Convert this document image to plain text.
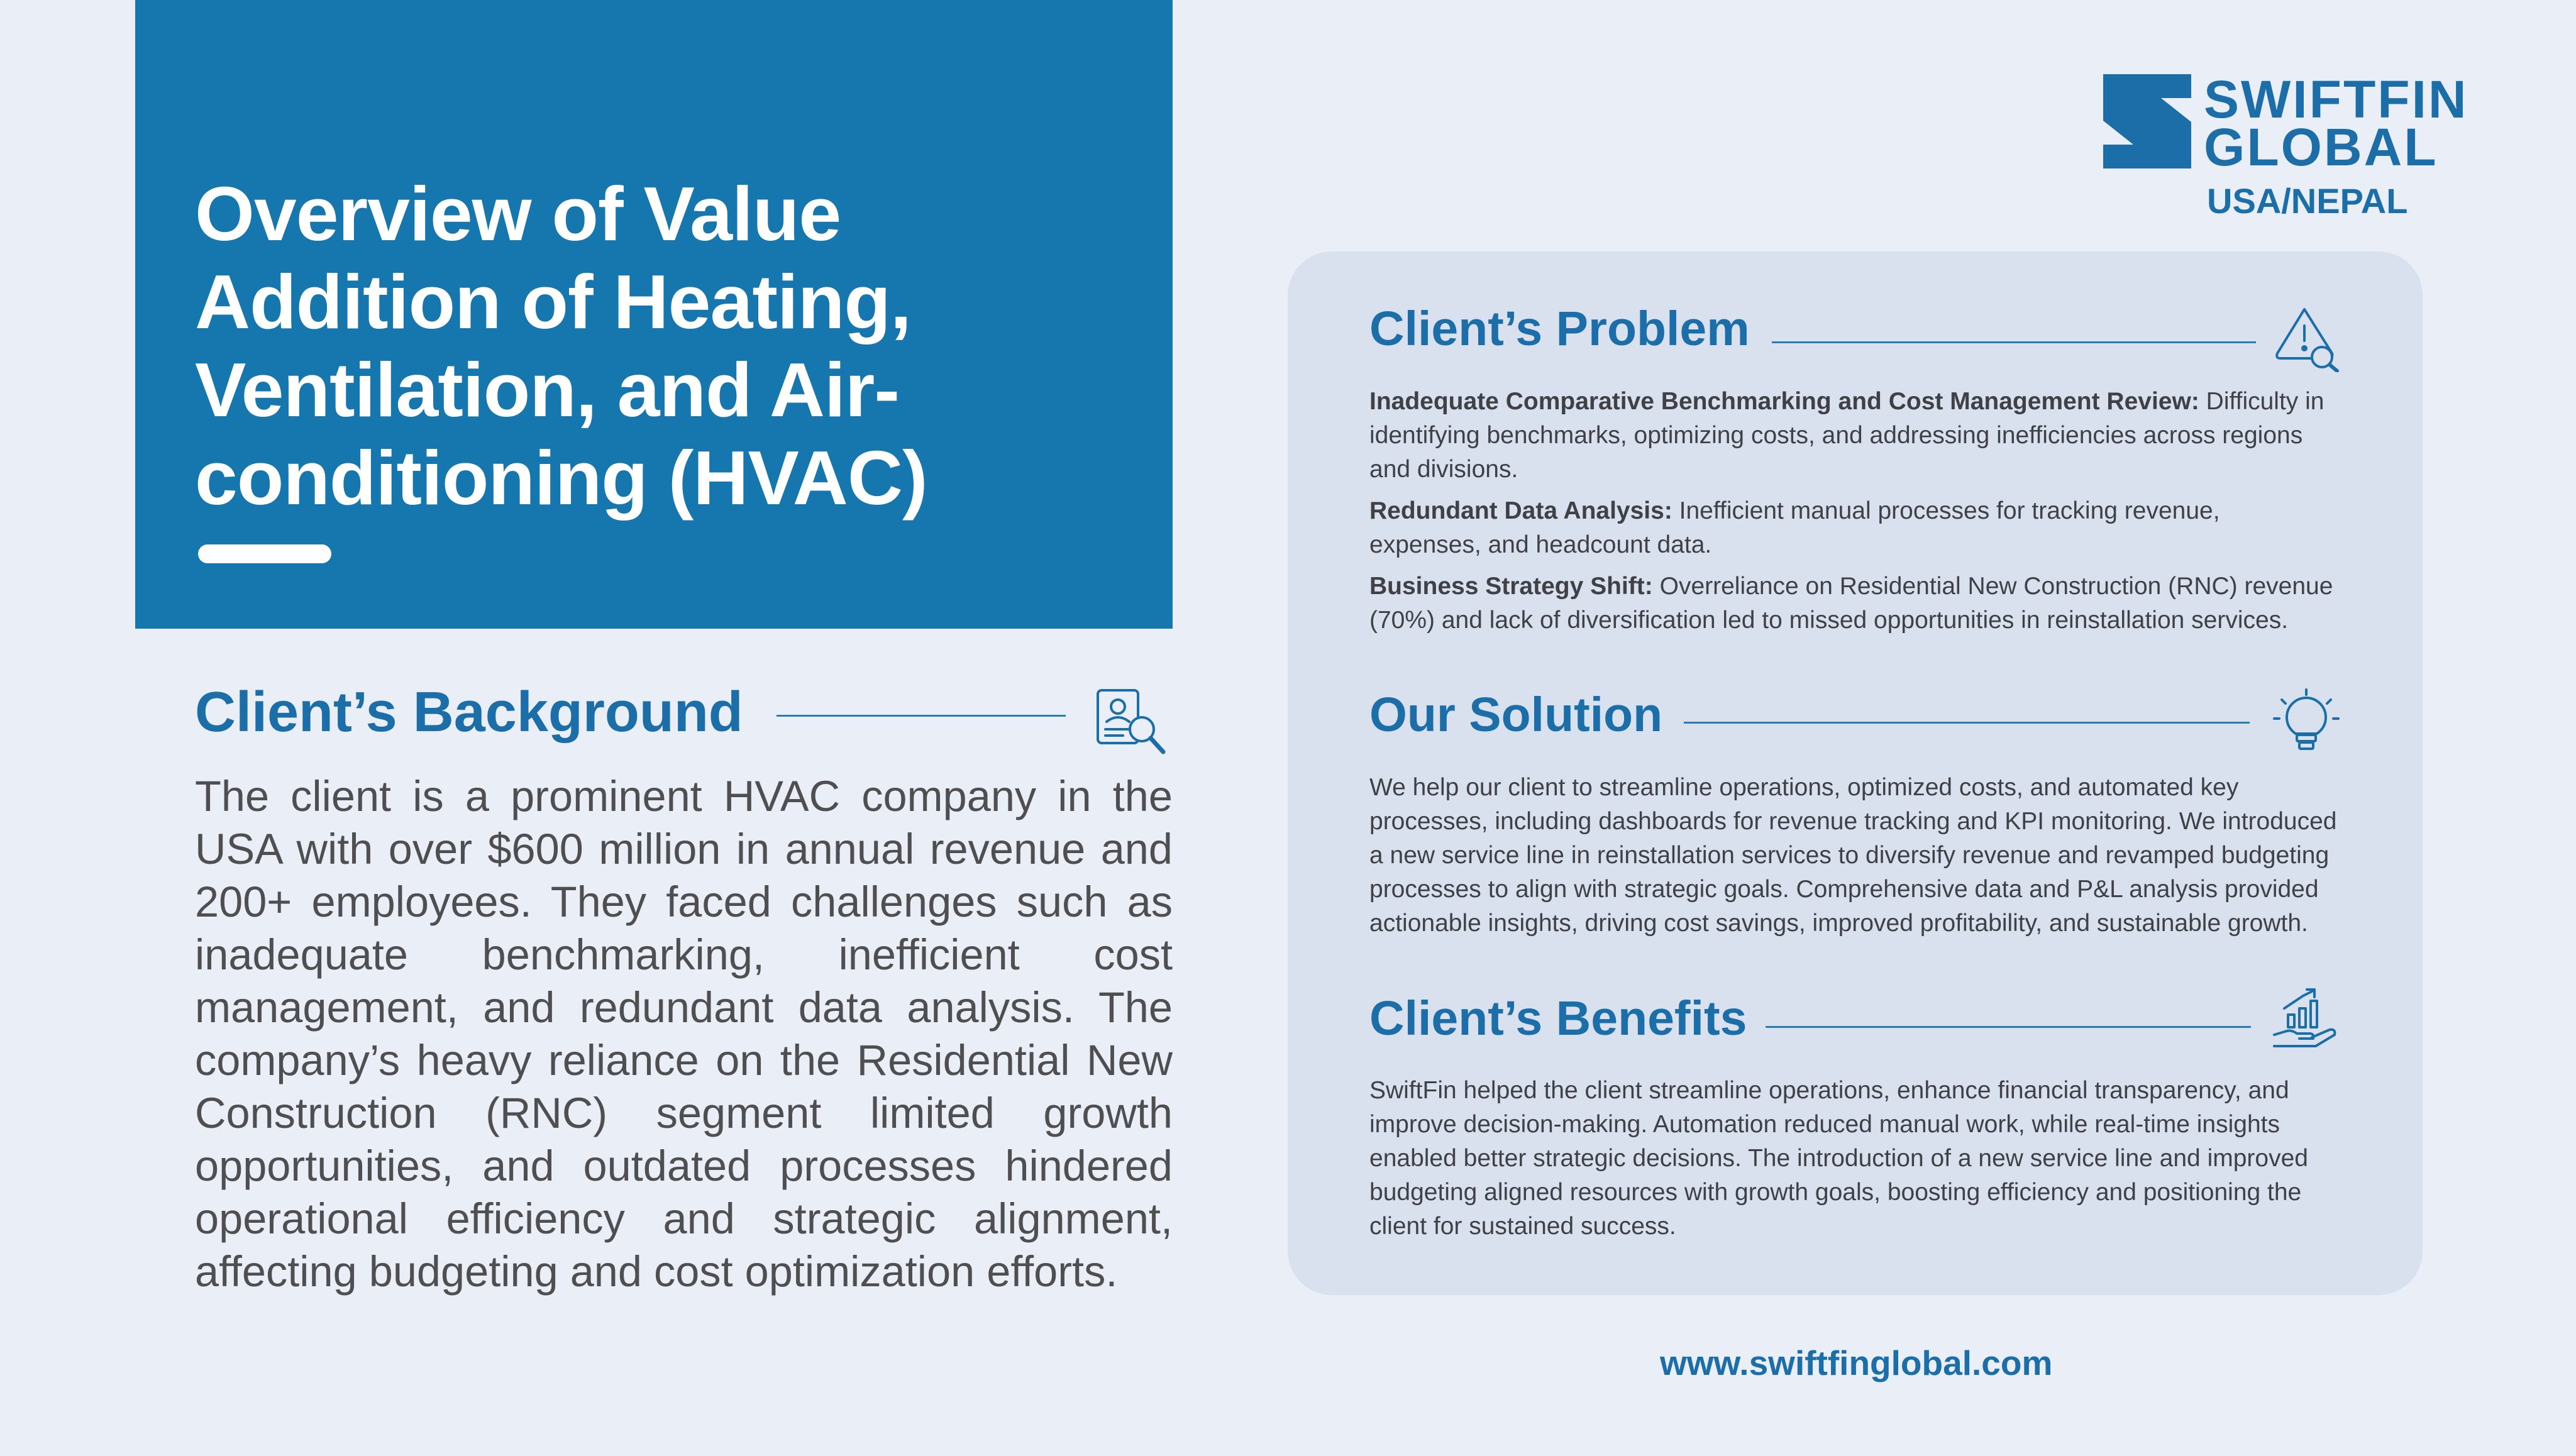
Overview of Value Addition of Heating, Ventilation, and Air-conditioning (HVAC)
Client’s Background

The client is a prominent HVAC company in the USA with over $600 million in annual revenue and 200+ employees. They faced challenges such as inadequate benchmarking, inefficient cost management, and redundant data analysis. The company’s heavy reliance on the Residential New Construction (RNC) segment limited growth opportunities, and outdated processes hindered operational efficiency and strategic alignment, affecting budgeting and cost optimization efforts.

SWIFTFIN
GLOBAL
USA/NEPAL
Client’s Problem

Inadequate Comparative Benchmarking and Cost Management Review: Difficulty in identifying benchmarks, optimizing costs, and addressing inefficiencies across regions and divisions.

Redundant Data Analysis: Inefficient manual processes for tracking revenue, expenses, and headcount data.

Business Strategy Shift: Overreliance on Residential New Construction (RNC) revenue (70%) and lack of diversification led to missed opportunities in reinstallation services.

Our Solution

We help our client to streamline operations, optimized costs, and automated key processes, including dashboards for revenue tracking and KPI monitoring. We introduced a new service line in reinstallation services to diversify revenue and revamped budgeting processes to align with strategic goals. Comprehensive data and P&L analysis provided actionable insights, driving cost savings, improved profitability, and sustainable growth.

Client’s Benefits

SwiftFin helped the client streamline operations, enhance financial transparency, and improve decision-making. Automation reduced manual work, while real-time insights enabled better strategic decisions. The introduction of a new service line and improved budgeting aligned resources with growth goals, boosting efficiency and positioning the client for sustained success.

www.swiftfinglobal.com
